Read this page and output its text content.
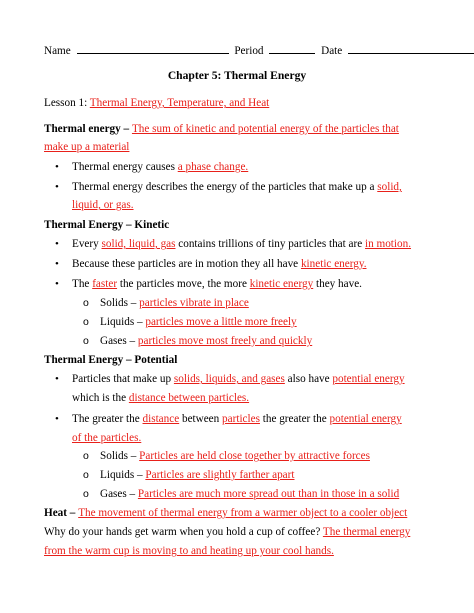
Name	Period	Date
Chapter 5: Thermal Energy
Lesson 1: Thermal Energy, Temperature, and Heat
Thermal energy – The sum of kinetic and potential energy of the particles that
make up a material
• Thermal energy causes a phase change.
• Thermal energy describes the energy of the particles that make up a solid,
liquid, or gas.
Thermal Energy – Kinetic
• Every solid, liquid, gas contains trillions of tiny particles that are in motion.
• Because these particles are in motion they all have kinetic energy.
• The faster the particles move, the more kinetic energy they have.
o Solids – particles vibrate in place
o Liquids – particles move a little more freely
o Gases – particles move most freely and quickly
Thermal Energy – Potential
• Particles that make up solids, liquids, and gases also have potential energy
which is the distance between particles.
• The greater the distance between particles the greater the potential energy
of the particles.
o Solids – Particles are held close together by attractive forces
o Liquids – Particles are slightly farther apart
o Gases – Particles are much more spread out than in those in a solid
Heat – The movement of thermal energy from a warmer object to a cooler object
Why do your hands get warm when you hold a cup of coffee? The thermal energy
from the warm cup is moving to and heating up your cool hands.
